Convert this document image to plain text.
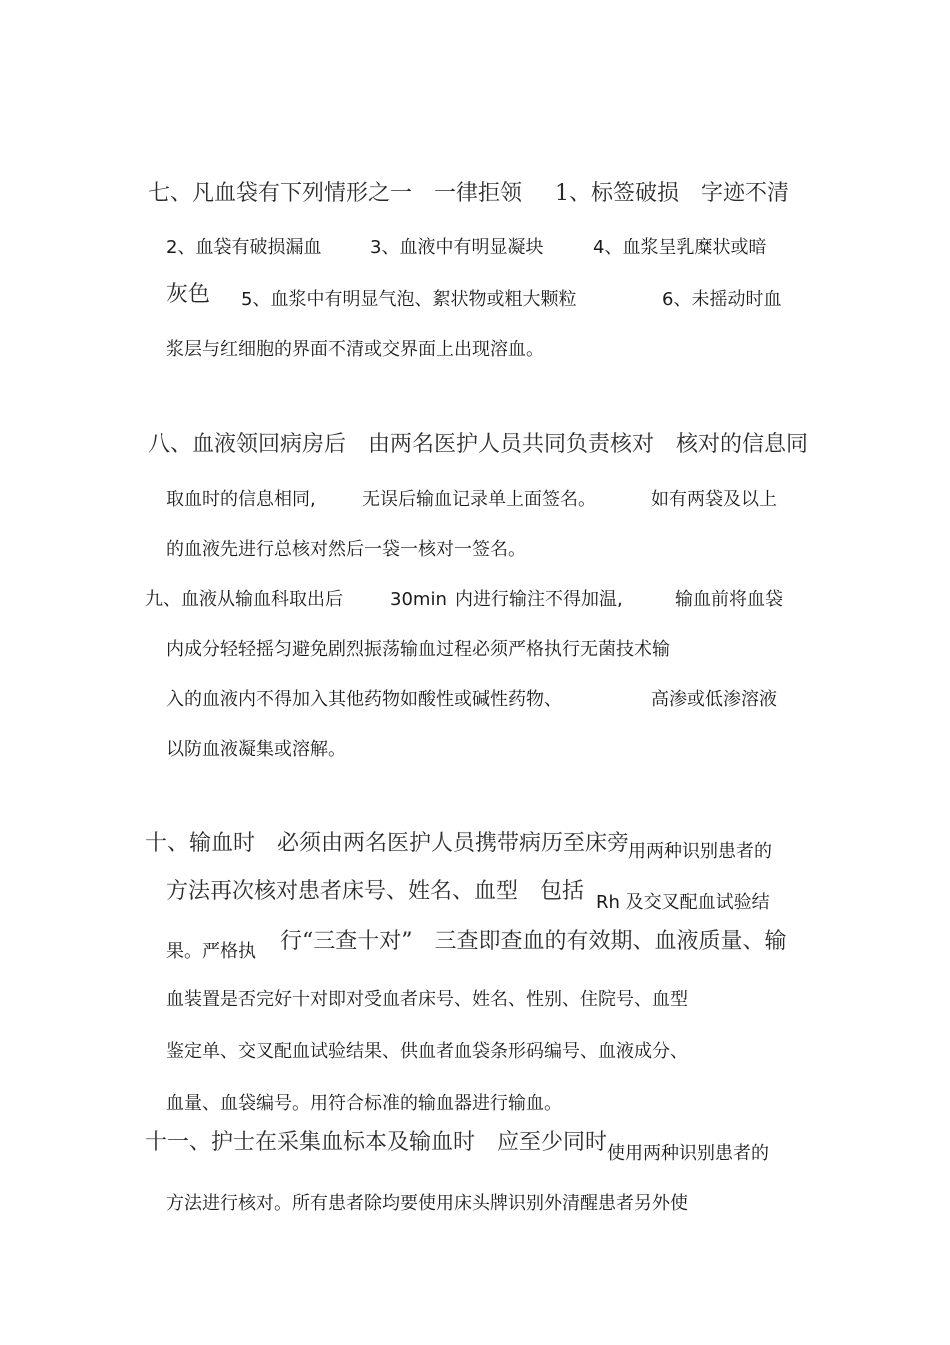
七、凡血袋有下列情形之一　一律拒领 1、标签破损　字迹不清
2、血袋有破损漏血	3、血液中有明显凝块	4、血浆呈乳糜状或暗
灰色 5、血浆中有明显气泡、絮状物或粗大颗粒	6、未摇动时血
浆层与红细胞的界面不清或交界面上出现溶血。
八、血液领回病房后　由两名医护人员共同负责核对　核对的信息同
取血时的信息相同,	无误后输血记录单上面签名。	如有两袋及以上
的血液先进行总核对然后一袋一核对一签名。
九、血液从输血科取出后	30min 内进行输注不得加温,	输血前将血袋
内成分轻轻摇匀避免剧烈振荡输血过程必须严格执行无菌技术输
入的血液内不得加入其他药物如酸性或碱性药物、	高渗或低渗溶液
以防血液凝集或溶解。
十、输血时　必须由两名医护人员携带病历至床旁
用两种识别患者的
方法再次核对患者床号、姓名、血型　包括 Rh 及交叉配血试验结
果。严格执 行“三查十对”　三查即查血的有效期、血液质量、输
血装置是否完好十对即对受血者床号、姓名、性别、住院号、血型
鉴定单、交叉配血试验结果、供血者血袋条形码编号、血液成分、
血量、血袋编号。用符合标准的输血器进行输血。
十一、护士在采集血标本及输血时　应至少同时 使用两种识别患者的
方法进行核对。所有患者除均要使用床头牌识别外清醒患者另外使
